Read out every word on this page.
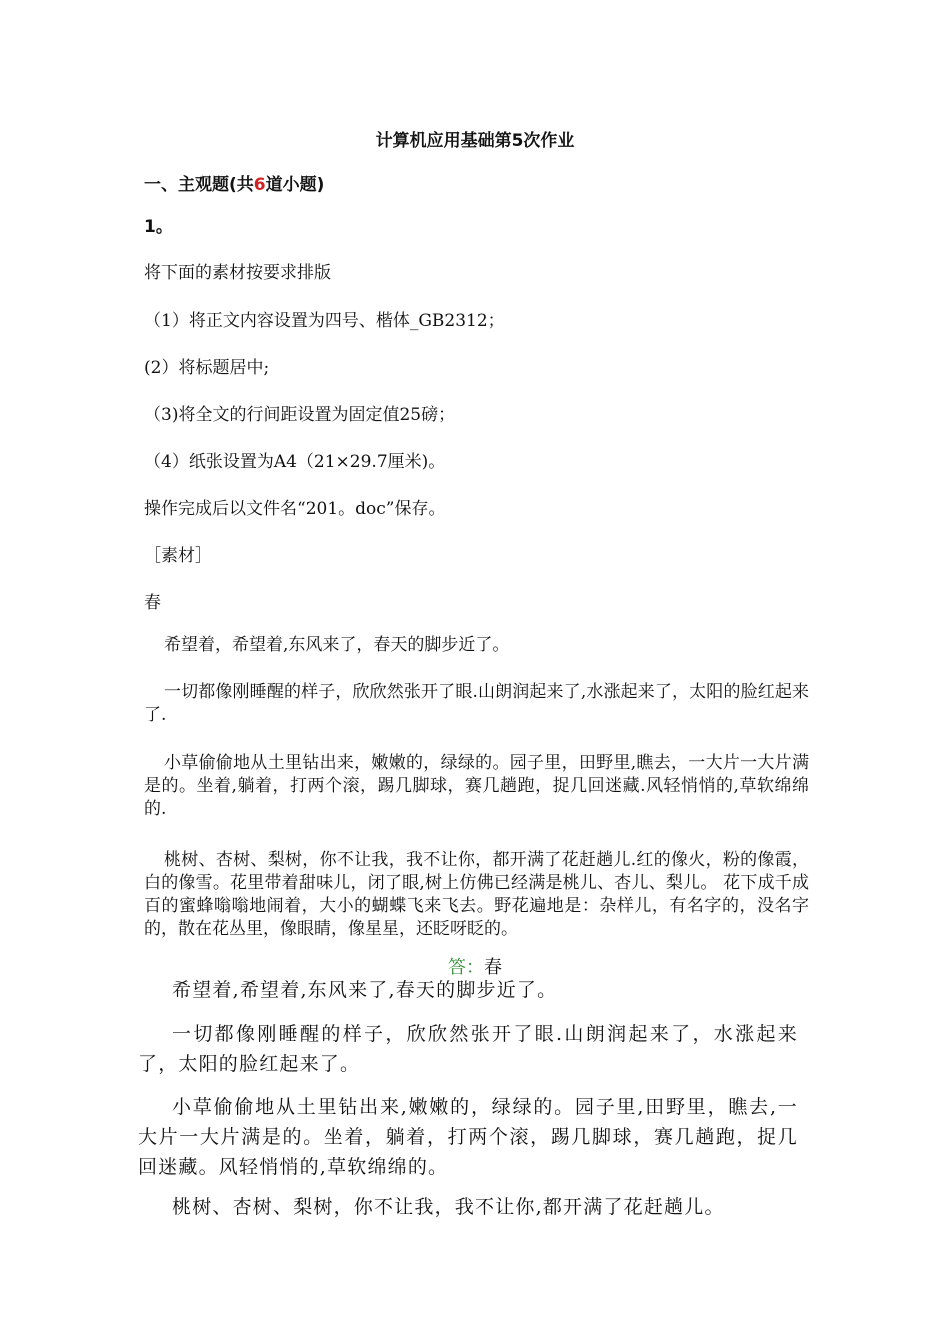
计算机应用基础第5次作业
一、主观题(共6道小题)
1。
将下面的素材按要求排版
（1）将正文内容设置为四号、楷体_GB2312；
(2）将标题居中;
（3)将全文的行间距设置为固定值25磅；
（4）纸张设置为A4（21×29.7厘米)。
操作完成后以文件名“201。doc”保存。
［素材］
春
希望着，希望着,东风来了，春天的脚步近了。
一切都像刚睡醒的样子，欣欣然张开了眼.山朗润起来了,水涨起来了，太阳的脸红起来了.
小草偷偷地从土里钻出来，嫩嫩的，绿绿的。园子里，田野里,瞧去，一大片一大片满是的。坐着,躺着，打两个滚，踢几脚球，赛几趟跑，捉几回迷藏.风轻悄悄的,草软绵绵的.
桃树、杏树、梨树，你不让我，我不让你，都开满了花赶趟儿.红的像火，粉的像霞，白的像雪。花里带着甜味儿，闭了眼,树上仿佛已经满是桃儿、杏儿、梨儿。 花下成千成百的蜜蜂嗡嗡地闹着，大小的蝴蝶飞来飞去。野花遍地是：杂样儿，有名字的，没名字的，散在花丛里，像眼睛，像星星，还眨呀眨的。
答：春
希望着,希望着,东风来了,春天的脚步近了。
一切都像刚睡醒的样子，欣欣然张开了眼.山朗润起来了，水涨起来了，太阳的脸红起来了。
小草偷偷地从土里钻出来,嫩嫩的，绿绿的。园子里,田野里，瞧去,一大片一大片满是的。坐着，躺着，打两个滚，踢几脚球，赛几趟跑，捉几回迷藏。风轻悄悄的,草软绵绵的。
桃树、杏树、梨树，你不让我，我不让你,都开满了花赶趟儿。
